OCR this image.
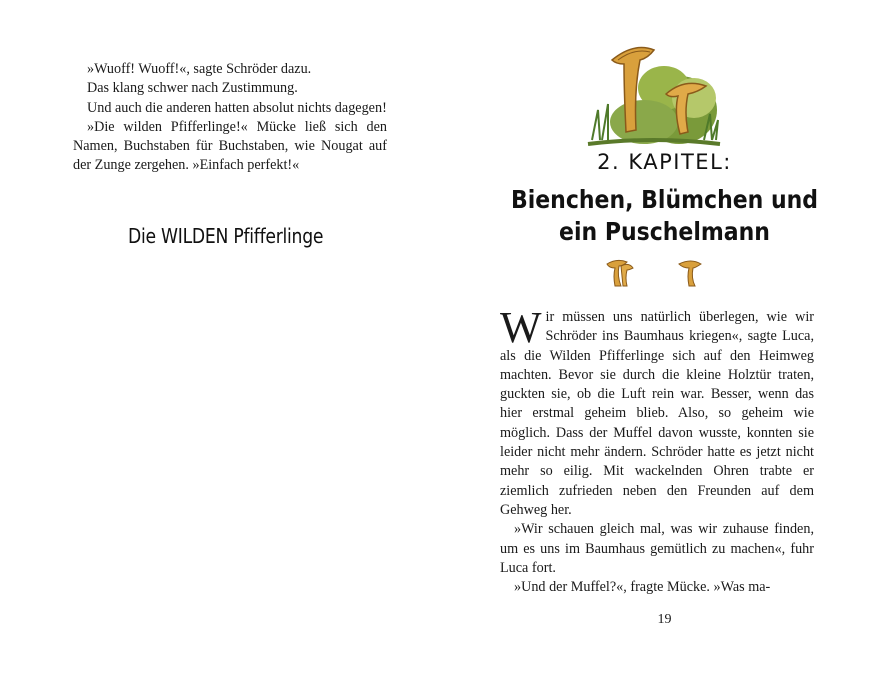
»Wuoff! Wuoff!«, sagte Schröder dazu.

Das klang schwer nach Zustimmung.

Und auch die anderen hatten absolut nichts dagegen!

»Die wilden Pfifferlinge!« Mücke ließ sich den Namen, Buchstaben für Buchstaben, wie Nougat auf der Zunge zergehen. »Einfach perfekt!«

Die WILDEN Pfifferlinge
2. KAPITEL:
Bienchen, Blümchen und
ein Puschelmann

Wir müssen uns natürlich überlegen, wie wir Schröder ins Baumhaus kriegen«, sagte Luca, als die Wilden Pfifferlinge sich auf den Heimweg machten. Bevor sie durch die kleine Holztür traten, guckten sie, ob die Luft rein war. Besser, wenn das hier erstmal geheim blieb. Also, so geheim wie möglich. Dass der Muffel davon wusste, konnten sie leider nicht mehr ändern. Schröder hatte es jetzt nicht mehr so eilig. Mit wackelnden Ohren trabte er ziemlich zufrieden neben den Freunden auf dem Gehweg her.

»Wir schauen gleich mal, was wir zuhause finden, um es uns im Baumhaus gemütlich zu machen«, fuhr Luca fort.

»Und der Muffel?«, fragte Mücke. »Was ma-

19
